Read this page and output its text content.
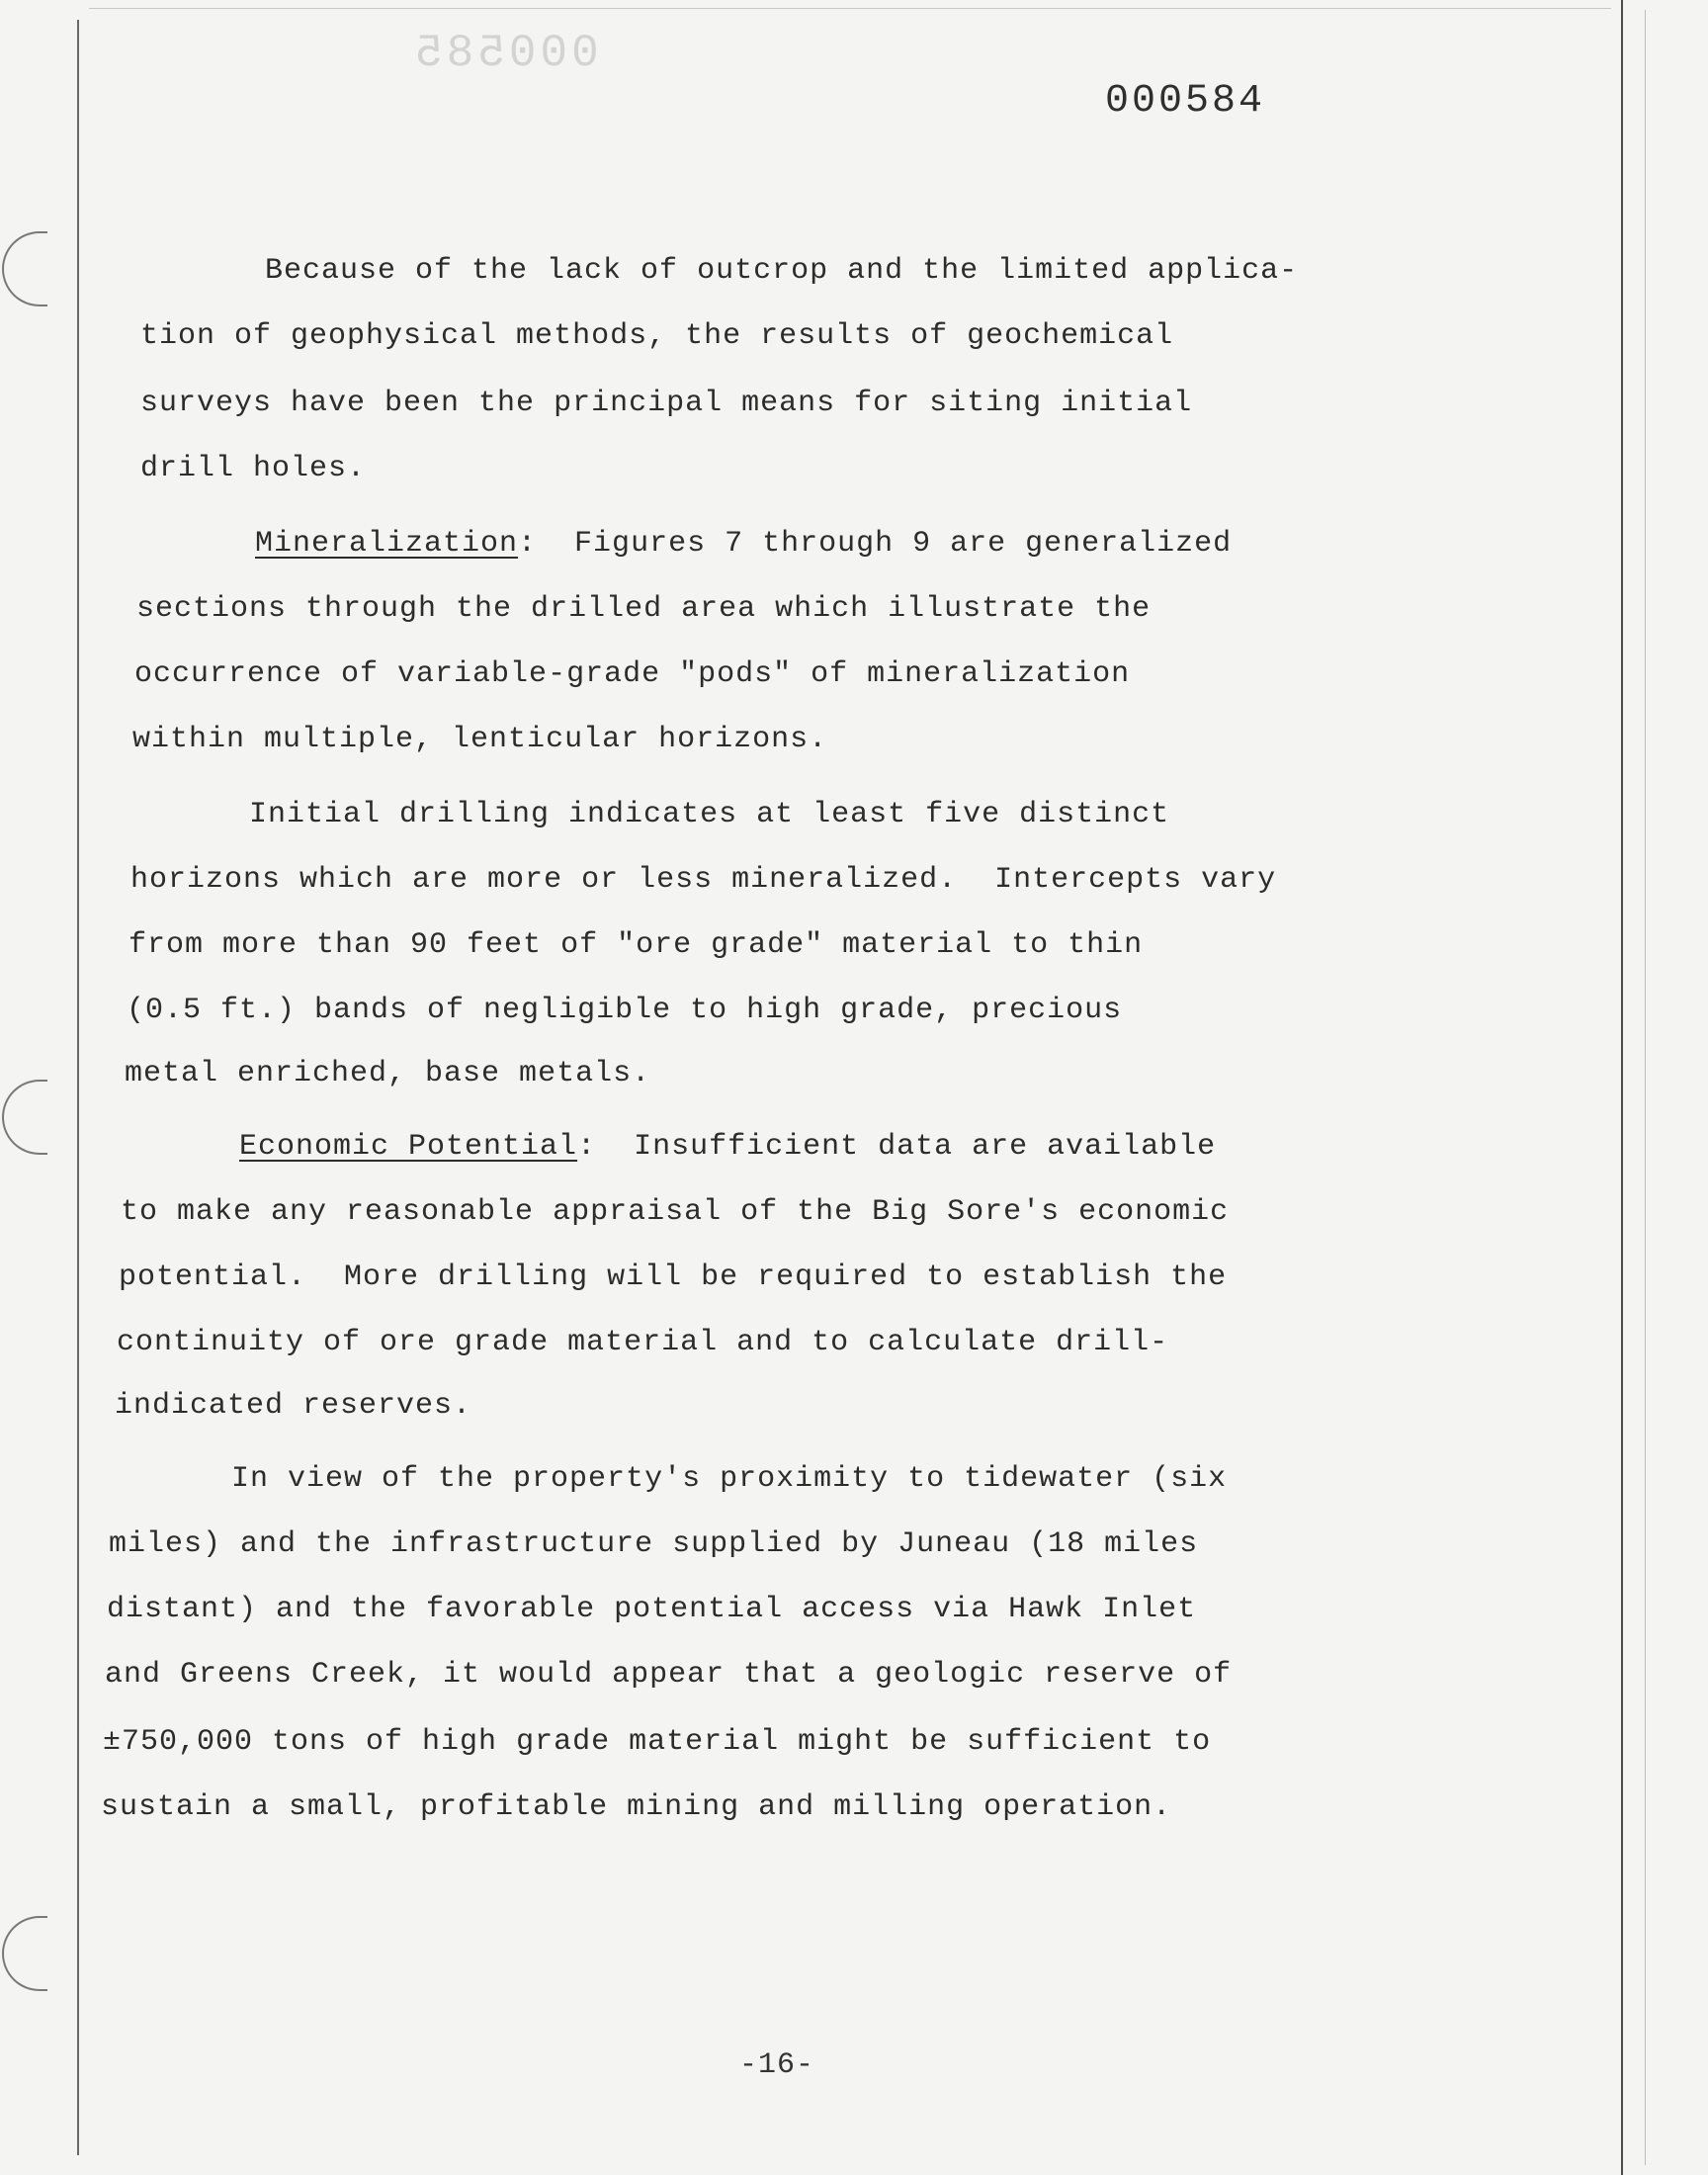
000585
000584
Because of the lack of outcrop and the limited applica-
tion of geophysical methods, the results of geochemical
surveys have been the principal means for siting initial
drill holes.
Mineralization:  Figures 7 through 9 are generalized
sections through the drilled area which illustrate the
occurrence of variable-grade "pods" of mineralization
within multiple, lenticular horizons.
Initial drilling indicates at least five distinct
horizons which are more or less mineralized.  Intercepts vary
from more than 90 feet of "ore grade" material to thin
(0.5 ft.) bands of negligible to high grade, precious
metal enriched, base metals.
Economic Potential:  Insufficient data are available
to make any reasonable appraisal of the Big Sore's economic
potential.  More drilling will be required to establish the
continuity of ore grade material and to calculate drill-
indicated reserves.
In view of the property's proximity to tidewater (six
miles) and the infrastructure supplied by Juneau (18 miles
distant) and the favorable potential access via Hawk Inlet
and Greens Creek, it would appear that a geologic reserve of
±750,000 tons of high grade material might be sufficient to
sustain a small, profitable mining and milling operation.
-16-
